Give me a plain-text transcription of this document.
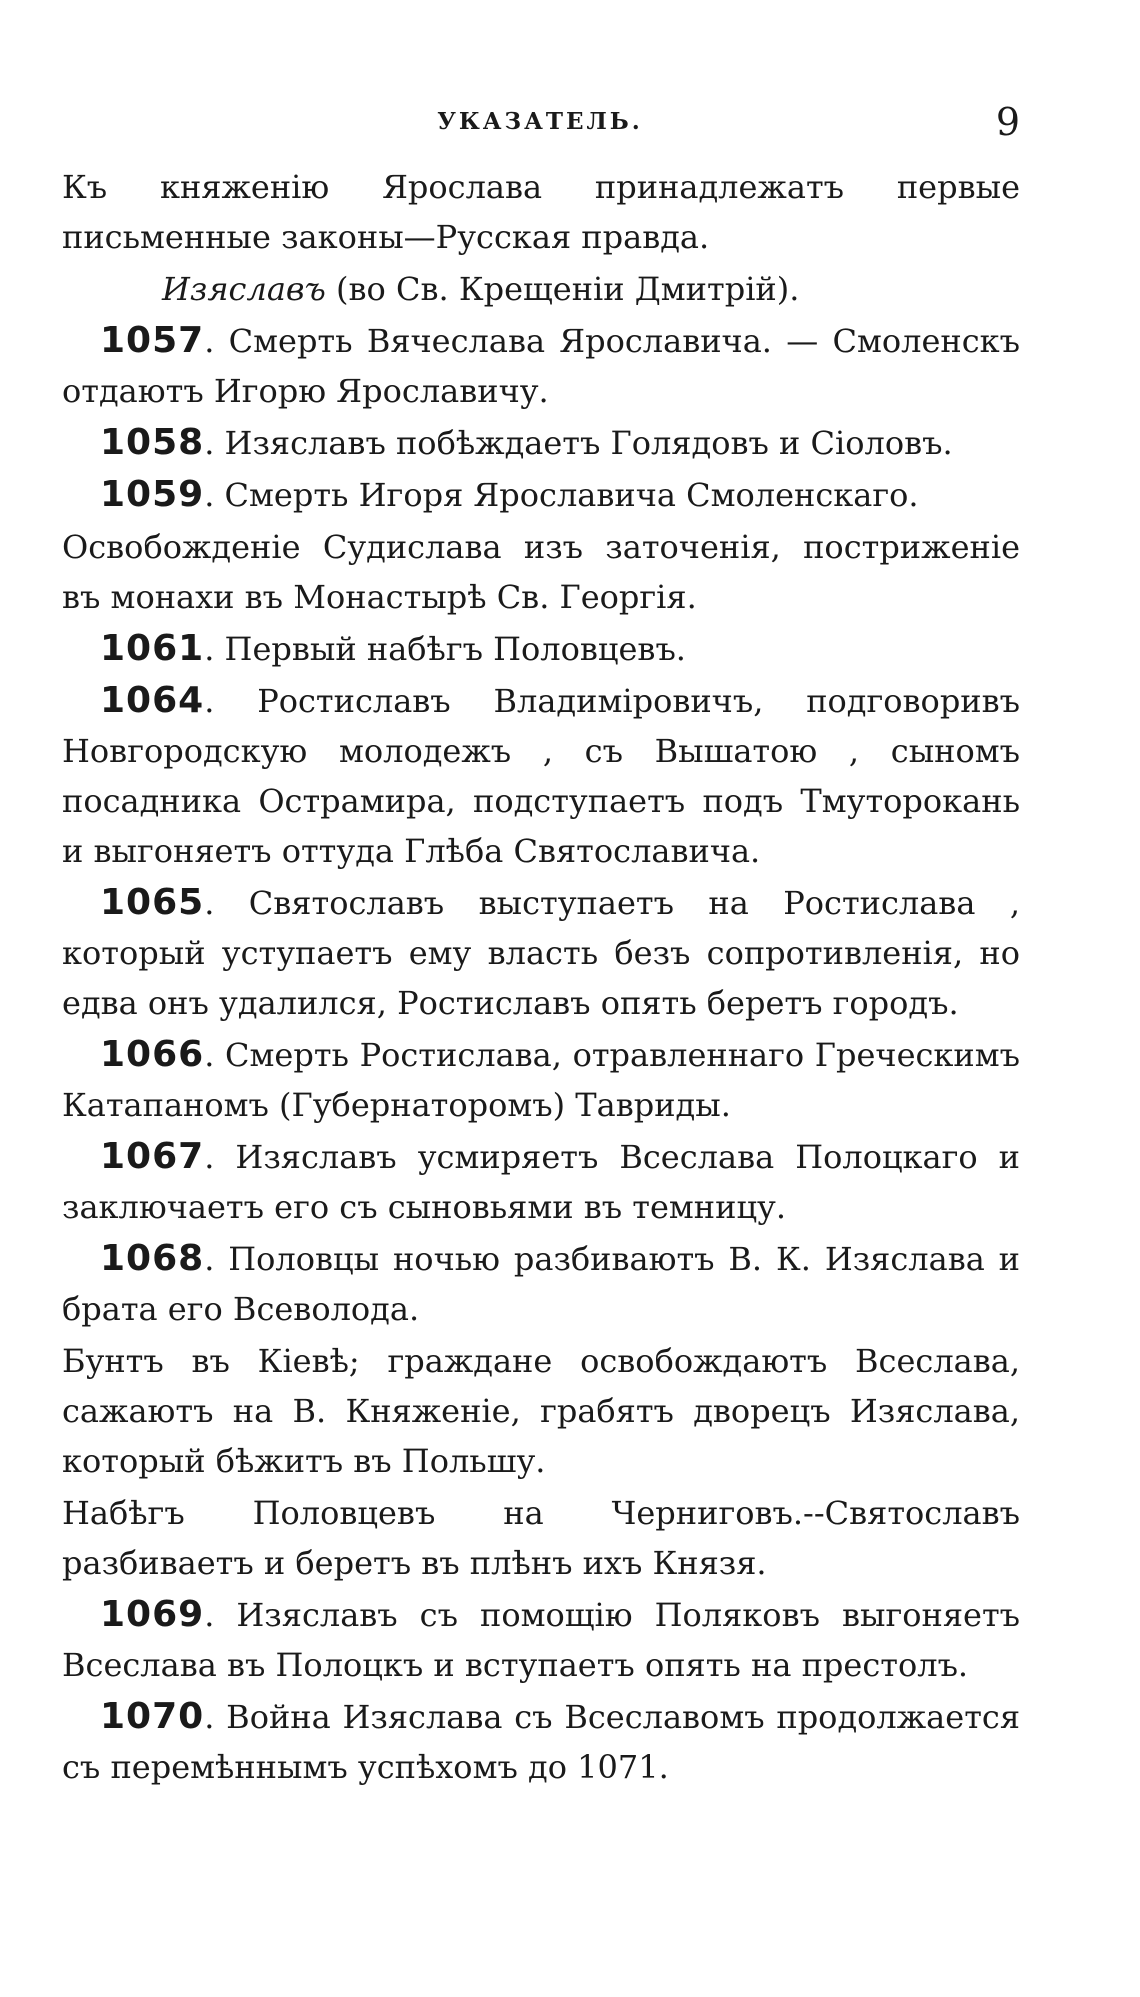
УКАЗАТЕЛЬ.	9

Къ княженію Ярослава принадлежатъ первые письменные законы—Русская правда.

Изяславъ (во Св. Крещеніи Дмитрій).

1057. Смерть Вячеслава Ярославича. — Смоленскъ отдаютъ Игорю Ярославичу.

1058. Изяславъ побѣждаетъ Голядовъ и Сіоловъ.

1059. Смерть Игоря Ярославича Смоленскаго.

Освобожденіе Судислава изъ заточенія, постриженіе въ монахи въ Монастырѣ Св. Георгія.

1061. Первый набѣгъ Половцевъ.

1064. Ростиславъ Владиміровичъ, подговоривъ Новгородскую молодежъ , съ Вышатою , сыномъ посадника Острамира, подступаетъ подъ Тмуторокань и выгоняетъ оттуда Глѣба Святославича.

1065. Святославъ выступаетъ на Ростислава , который уступаетъ ему власть безъ сопротивленія, но едва онъ удалился, Ростиславъ опять беретъ городъ.

1066. Смерть Ростислава, отравленнаго Греческимъ Катапаномъ (Губернаторомъ) Тавриды.

1067. Изяславъ усмиряетъ Всеслава Полоцкаго и заключаетъ его съ сыновьями въ темницу.

1068. Половцы ночью разбиваютъ В. К. Изяслава и брата его Всеволода.

Бунтъ въ Кіевѣ; граждане освобождаютъ Всеслава, сажаютъ на В. Княженіе, грабятъ дворецъ Изяслава, который бѣжитъ въ Польшу.

Набѣгъ Половцевъ на Черниговъ.--Святославъ разбиваетъ и беретъ въ плѣнъ ихъ Князя.

1069. Изяславъ съ помощію Поляковъ выгоняетъ Всеслава въ Полоцкъ и вступаетъ опять на престолъ.

1070. Война Изяслава съ Всеславомъ продолжается съ перемѣннымъ успѣхомъ до 1071.
